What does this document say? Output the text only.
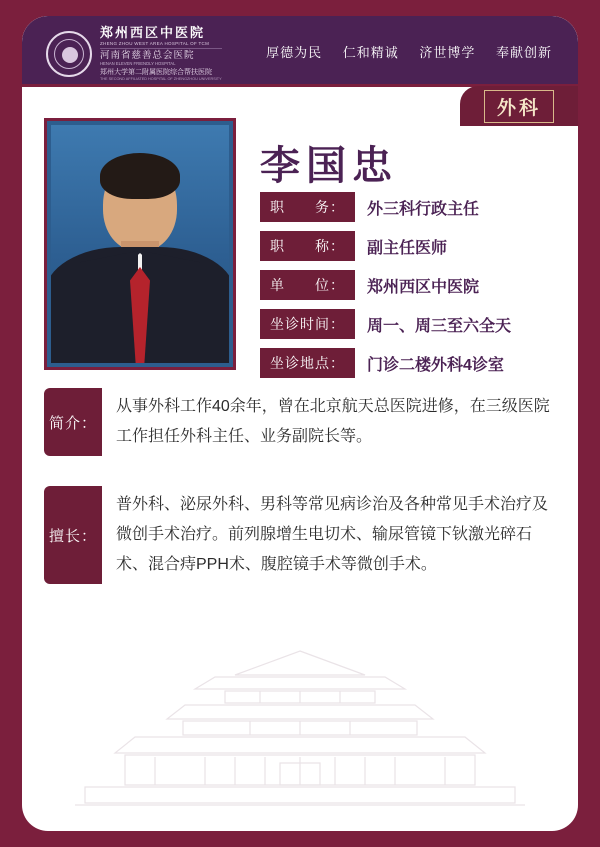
郑州西区中医院
ZHENG ZHOU WEST AREA HOSPITAL OF TCM
河南省慈善总会医院
HENAN ELEVEN FRIENDLY HOSPITAL
郑州大学第二附属医院综合帮扶医院
THE SECOND AFFILIATED HOSPITAL OF ZHENGZHOU UNIVERSITY
厚德为民 仁和精诚 济世博学 奉献创新
外科
李国忠
职　　务：	外三科行政主任
职　　称：	副主任医师
单　　位：	郑州西区中医院
坐诊时间：	周一、周三至六全天
坐诊地点：	门诊二楼外科4诊室
简介：
从事外科工作40余年，曾在北京航天总医院进修，在三级医院工作担任外科主任、业务副院长等。
擅长：
普外科、泌尿外科、男科等常见病诊治及各种常见手术治疗及微创手术治疗。前列腺增生电切术、输尿管镜下钬激光碎石术、混合痔PPH术、腹腔镜手术等微创手术。
